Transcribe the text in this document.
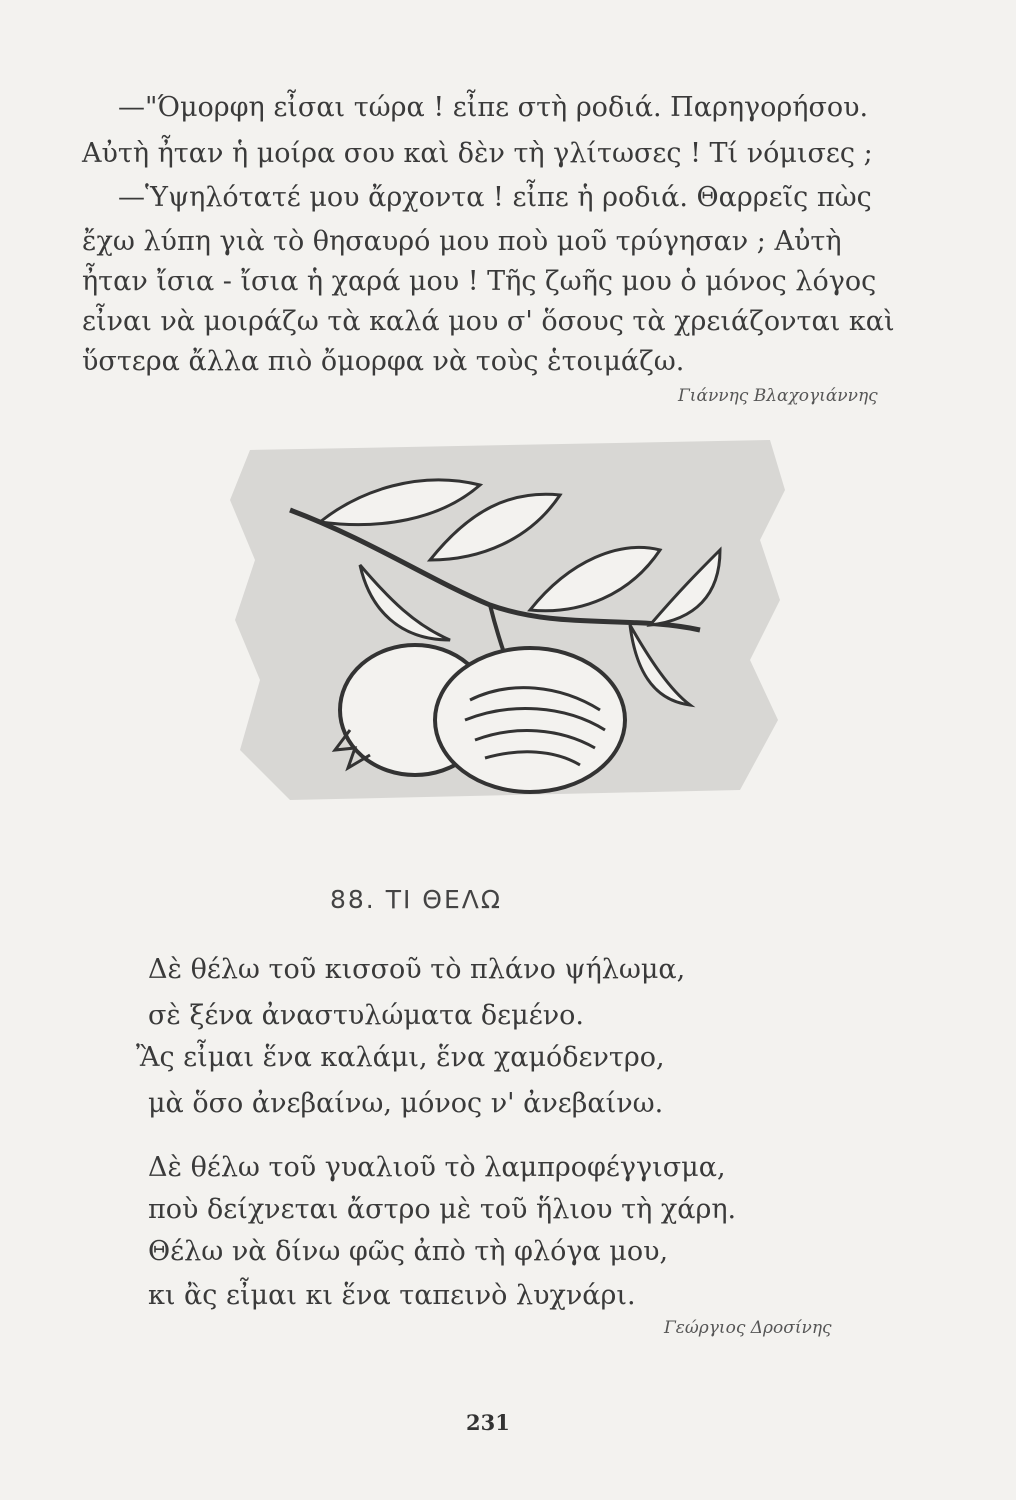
—"Όμορφη εἶσαι τώρα ! εἶπε στὴ ροδιά. Παρηγορήσου.

Αὐτὴ ἦταν ἡ μοίρα σου καὶ δὲν τὴ γλίτωσες ! Τί νόμισες ;

—Ὑψηλότατέ μου ἄρχοντα ! εἶπε ἡ ροδιά. Θαρρεῖς πὼς

ἔχω λύπη γιὰ τὸ θησαυρό μου ποὺ μοῦ τρύγησαν ; Αὐτὴ

ἦταν ἴσια - ἴσια ἡ χαρά μου ! Τῆς ζωῆς μου ὁ μόνος λόγος

εἶναι νὰ μοιράζω τὰ καλά μου σ' ὅσους τὰ χρειάζονται καὶ

ὕστερα ἄλλα πιὸ ὄμορφα νὰ τοὺς ἑτοιμάζω.

Γιάννης Βλαχογιάννης
88. ΤΙ ΘΕΛΩ

Δὲ θέλω τοῦ κισσοῦ τὸ πλάνο ψήλωμα,

σὲ ξένα ἀναστυλώματα δεμένο.

Ἂς εἶμαι ἕνα καλάμι, ἕνα χαμόδεντρο,

μὰ ὅσο ἀνεβαίνω, μόνος ν' ἀνεβαίνω.

Δὲ θέλω τοῦ γυαλιοῦ τὸ λαμπροφέγγισμα,

ποὺ δείχνεται ἄστρο μὲ τοῦ ἥλιου τὴ χάρη.

Θέλω νὰ δίνω φῶς ἀπὸ τὴ φλόγα μου,

κι ἂς εἶμαι κι ἕνα ταπεινὸ λυχνάρι.

Γεώργιος Δροσίνης
231
